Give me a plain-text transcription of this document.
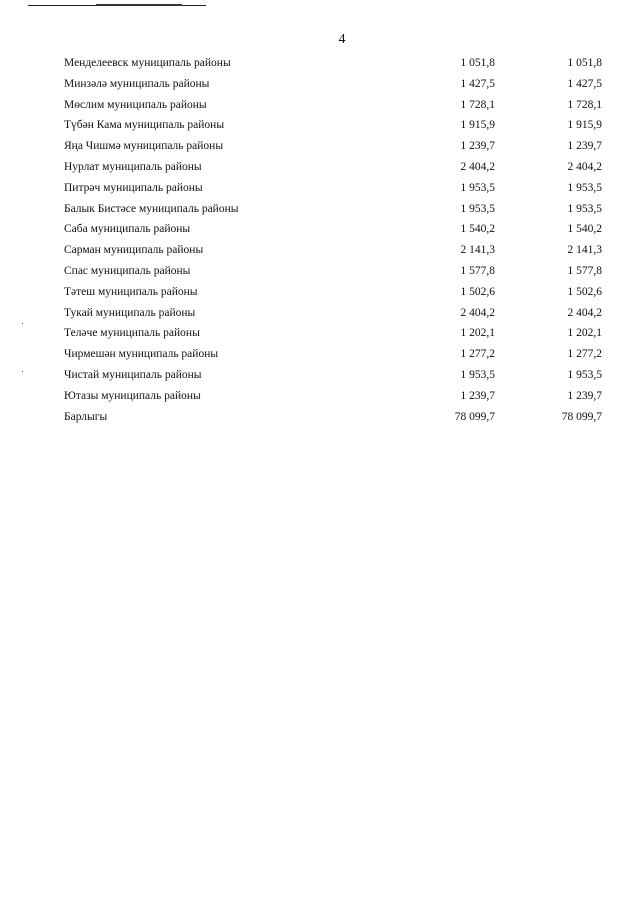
4
Менделеевск муниципаль районы	1 051,8	1 051,8
Минзәлә муниципаль районы	1 427,5	1 427,5
Мөслим муниципаль районы	1 728,1	1 728,1
Түбән Кама муниципаль районы	1 915,9	1 915,9
Яңа Чишмә муниципаль районы	1 239,7	1 239,7
Нурлат муниципаль районы	2 404,2	2 404,2
Питрәч муниципаль районы	1 953,5	1 953,5
Балык Бистәсе муниципаль районы	1 953,5	1 953,5
Саба муниципаль районы	1 540,2	1 540,2
Сарман муниципаль районы	2 141,3	2 141,3
Спас муниципаль районы	1 577,8	1 577,8
Тәтеш муниципаль районы	1 502,6	1 502,6
Тукай муниципаль районы	2 404,2	2 404,2
Теләче муниципаль районы	1 202,1	1 202,1
Чирмешән муниципаль районы	1 277,2	1 277,2
Чистай муниципаль районы	1 953,5	1 953,5
Ютазы муниципаль районы	1 239,7	1 239,7
Барлыгы	78 099,7	78 099,7
